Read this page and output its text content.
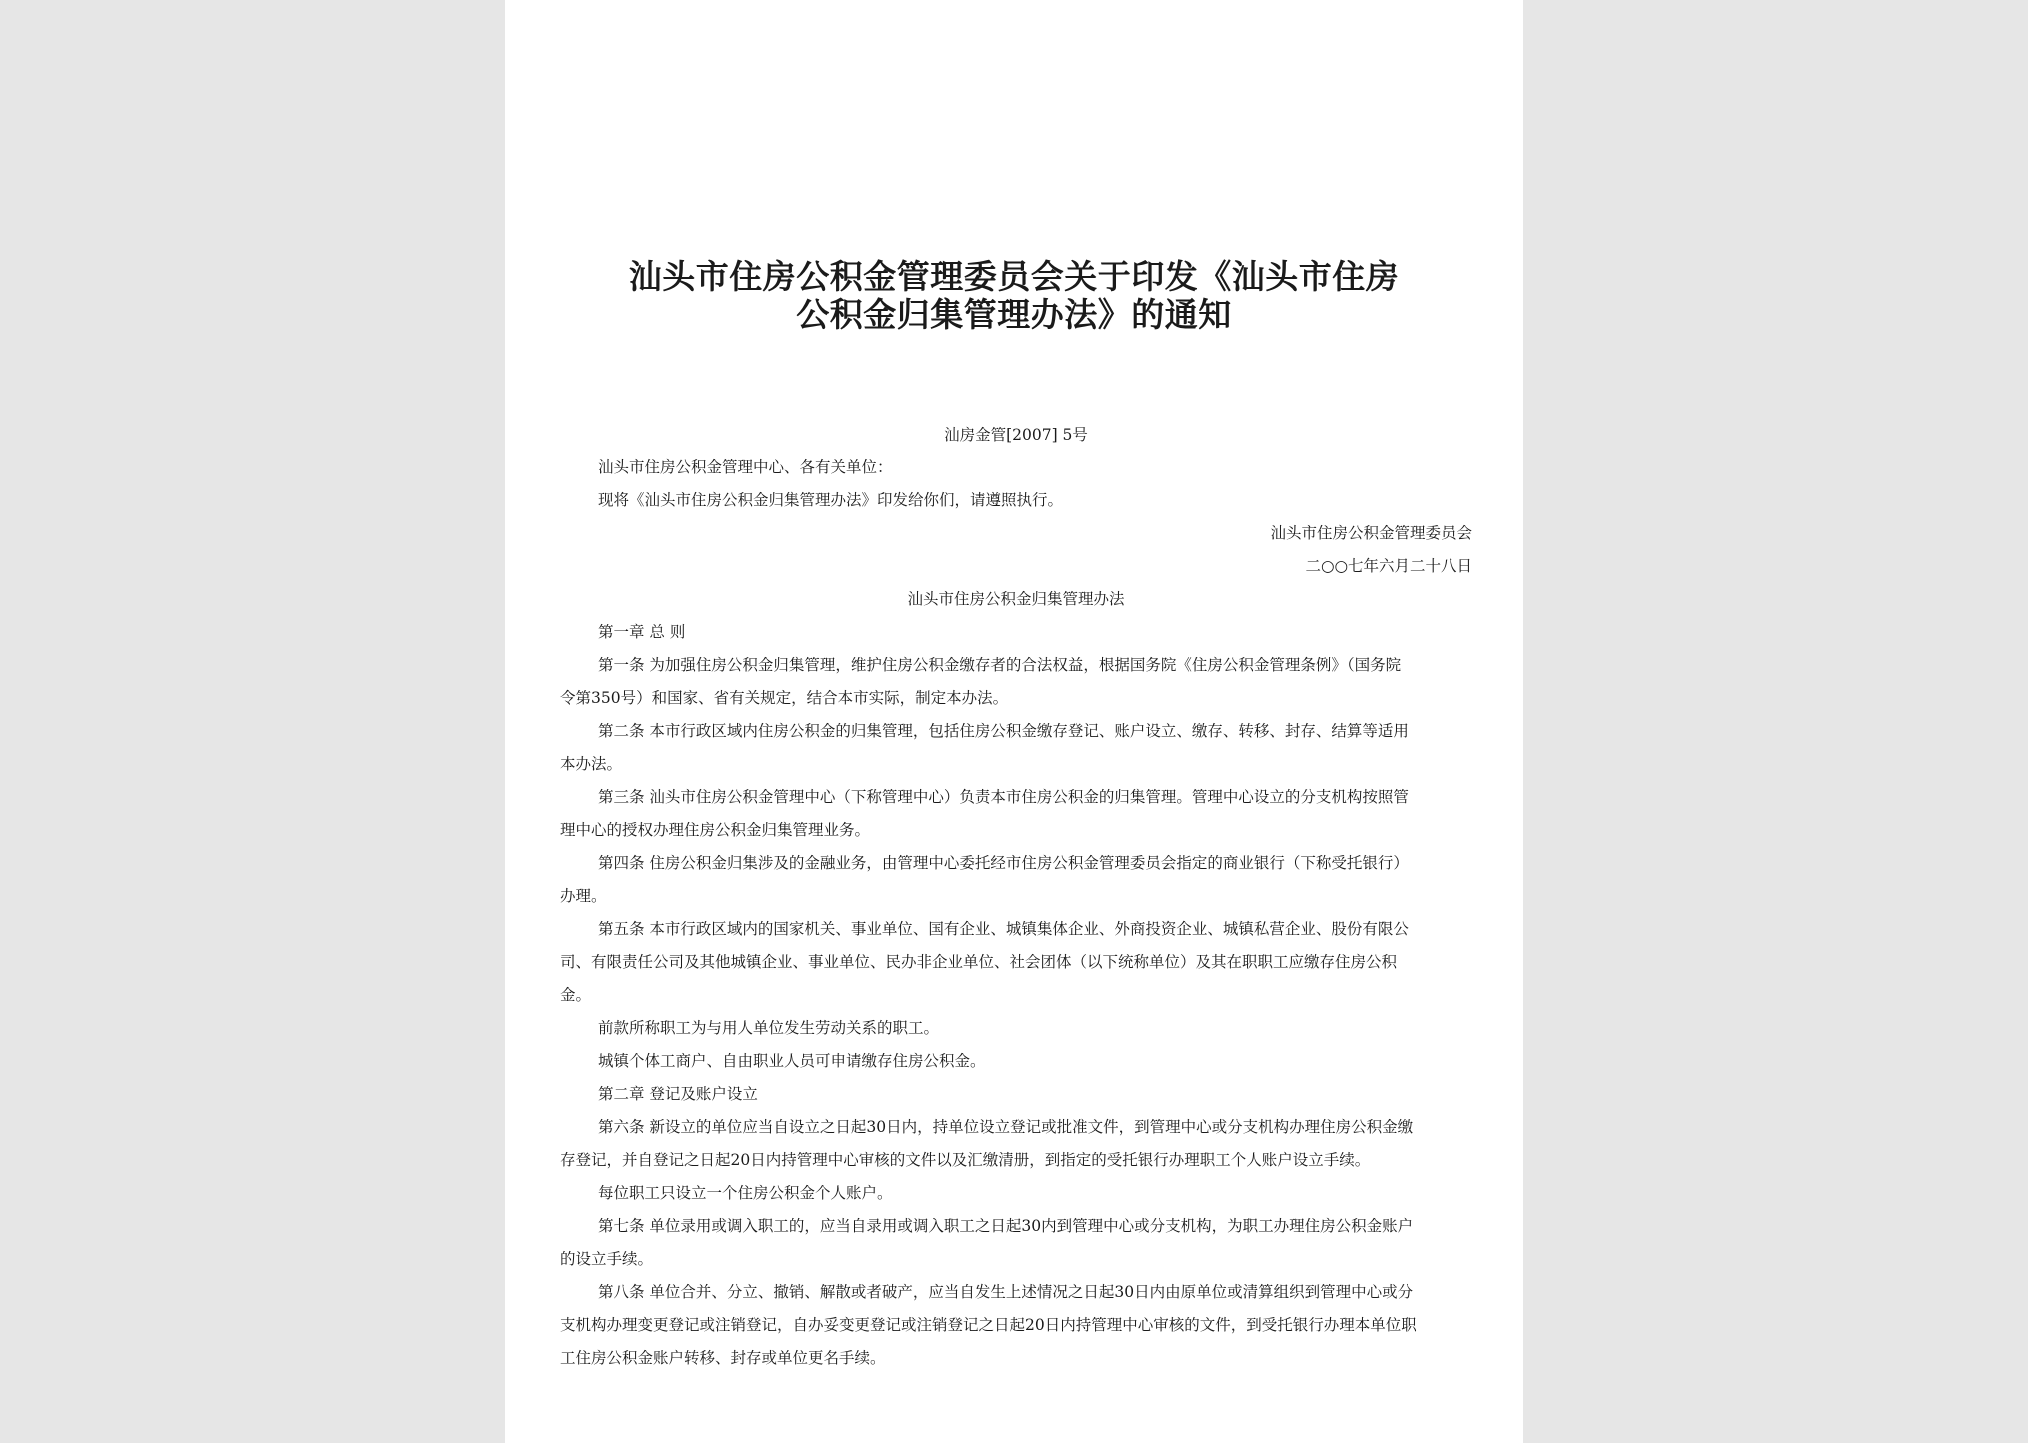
汕头市住房公积金管理委员会关于印发《汕头市住房
公积金归集管理办法》的通知
汕房金管[2007] 5号
汕头市住房公积金管理中心、各有关单位：
现将《汕头市住房公积金归集管理办法》印发给你们，请遵照执行。
汕头市住房公积金管理委员会
二○○七年六月二十八日
汕头市住房公积金归集管理办法
第一章 总 则
第一条 为加强住房公积金归集管理，维护住房公积金缴存者的合法权益，根据国务院《住房公积金管理条例》（国务院
令第350号）和国家、省有关规定，结合本市实际，制定本办法。
第二条 本市行政区域内住房公积金的归集管理，包括住房公积金缴存登记、账户设立、缴存、转移、封存、结算等适用
本办法。
第三条 汕头市住房公积金管理中心（下称管理中心）负责本市住房公积金的归集管理。管理中心设立的分支机构按照管
理中心的授权办理住房公积金归集管理业务。
第四条 住房公积金归集涉及的金融业务，由管理中心委托经市住房公积金管理委员会指定的商业银行（下称受托银行）
办理。
第五条 本市行政区域内的国家机关、事业单位、国有企业、城镇集体企业、外商投资企业、城镇私营企业、股份有限公
司、有限责任公司及其他城镇企业、事业单位、民办非企业单位、社会团体（以下统称单位）及其在职职工应缴存住房公积
金。
前款所称职工为与用人单位发生劳动关系的职工。
城镇个体工商户、自由职业人员可申请缴存住房公积金。
第二章 登记及账户设立
第六条 新设立的单位应当自设立之日起30日内，持单位设立登记或批准文件，到管理中心或分支机构办理住房公积金缴
存登记，并自登记之日起20日内持管理中心审核的文件以及汇缴清册，到指定的受托银行办理职工个人账户设立手续。
每位职工只设立一个住房公积金个人账户。
第七条 单位录用或调入职工的，应当自录用或调入职工之日起30内到管理中心或分支机构，为职工办理住房公积金账户
的设立手续。
第八条 单位合并、分立、撤销、解散或者破产，应当自发生上述情况之日起30日内由原单位或清算组织到管理中心或分
支机构办理变更登记或注销登记，自办妥变更登记或注销登记之日起20日内持管理中心审核的文件，到受托银行办理本单位职
工住房公积金账户转移、封存或单位更名手续。
